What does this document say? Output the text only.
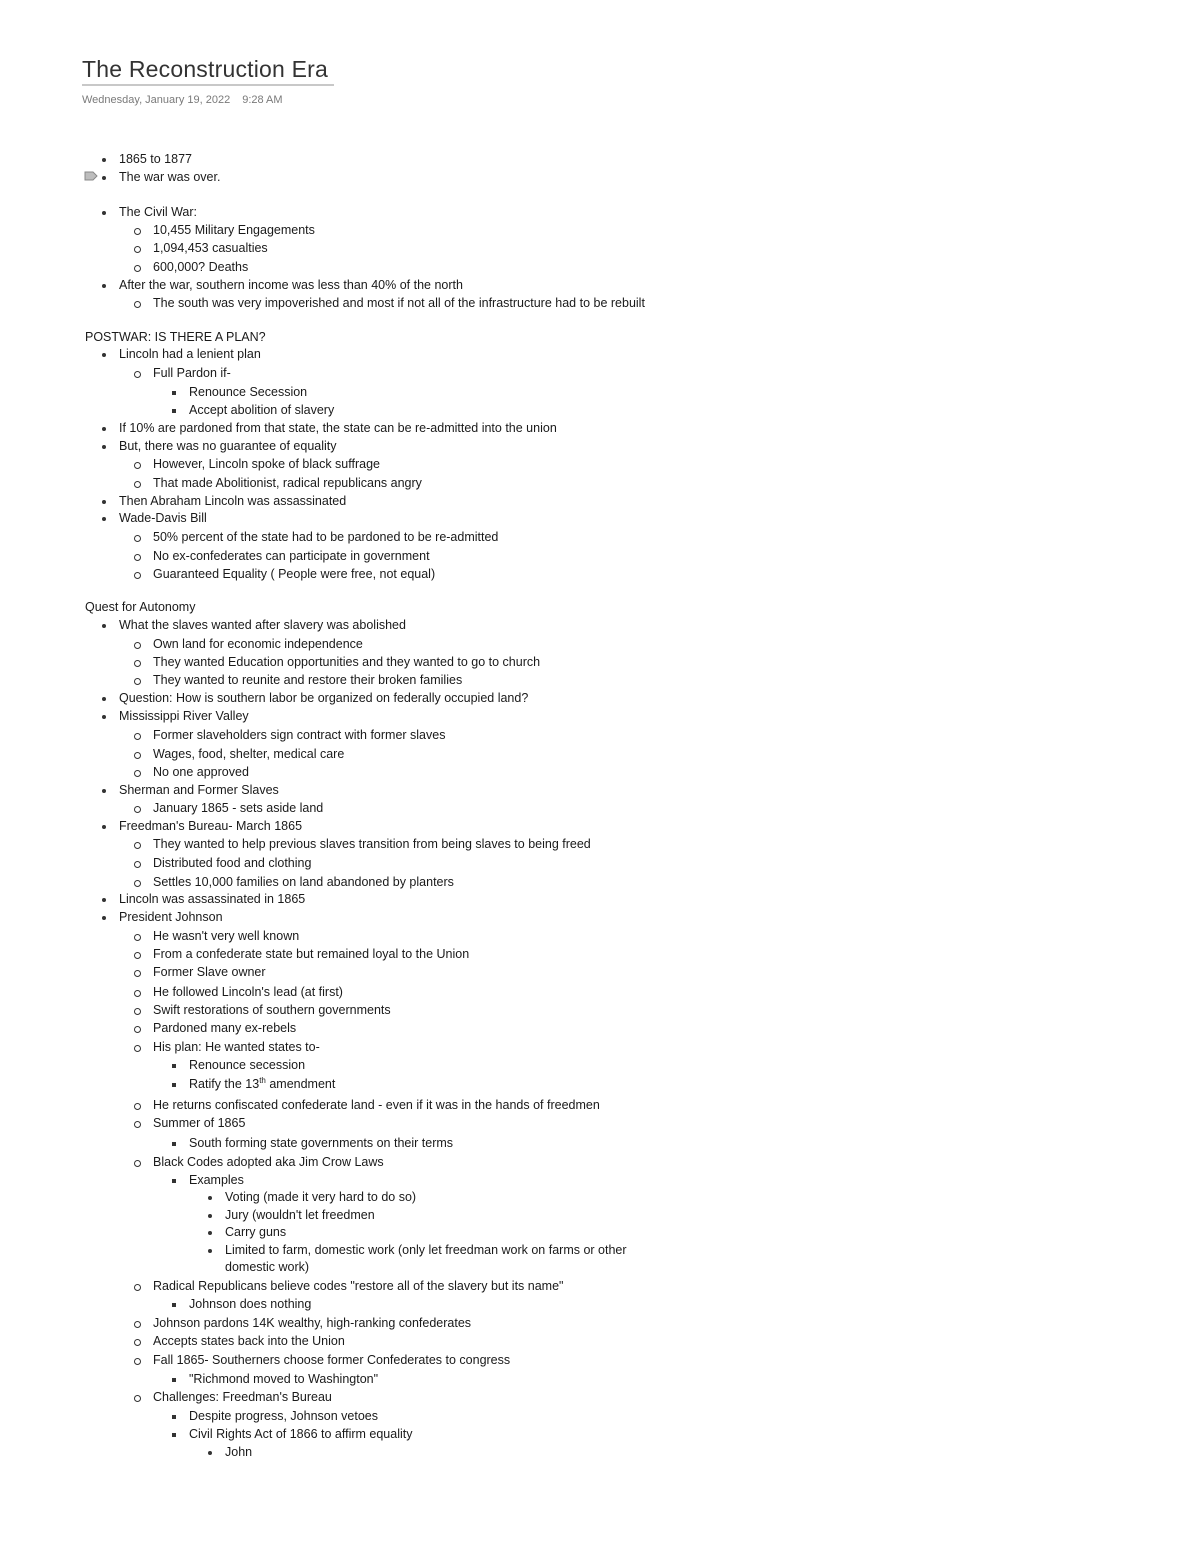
The Reconstruction Era
Wednesday, January 19, 2022 9:28 AM
1865 to 1877
The war was over.
The Civil War:
10,455 Military Engagements
1,094,453 casualties
600,000? Deaths
After the war, southern income was less than 40% of the north
The south was very impoverished and most if not all of the infrastructure had to be rebuilt
POSTWAR: IS THERE A PLAN?
Lincoln had a lenient plan
Full Pardon if-
Renounce Secession
Accept abolition of slavery
If 10% are pardoned from that state, the state can be re-admitted into the union
But, there was no guarantee of equality
However, Lincoln spoke of black suffrage
That made Abolitionist, radical republicans angry
Then Abraham Lincoln was assassinated
Wade-Davis Bill
50% percent of the state had to be pardoned to be re-admitted
No ex-confederates can participate in government
Guaranteed Equality ( People were free, not equal)
Quest for Autonomy
What the slaves wanted after slavery was abolished
Own land for economic independence
They wanted Education opportunities and they wanted to go to church
They wanted to reunite and restore their broken families
Question: How is southern labor be organized on federally occupied land?
Mississippi River Valley
Former slaveholders sign contract with former slaves
Wages, food, shelter, medical care
No one approved
Sherman and Former Slaves
January 1865 - sets aside land
Freedman's Bureau- March 1865
They wanted to help previous slaves transition from being slaves to being freed
Distributed food and clothing
Settles 10,000 families on land abandoned by planters
Lincoln was assassinated in 1865
President Johnson
He wasn't very well known
From a confederate state but remained loyal to the Union
Former Slave owner
He followed Lincoln's lead (at first)
Swift restorations of southern governments
Pardoned many ex-rebels
His plan: He wanted states to-
Renounce secession
Ratify the 13th amendment
He returns confiscated confederate land - even if it was in the hands of freedmen
Summer of 1865
South forming state governments on their terms
Black Codes adopted aka Jim Crow Laws
Examples
Voting (made it very hard to do so)
Jury (wouldn't let freedmen
Carry guns
Limited to farm, domestic work (only let freedman work on farms or other
domestic work)
Radical Republicans believe codes "restore all of the slavery but its name"
Johnson does nothing
Johnson pardons 14K wealthy, high-ranking confederates
Accepts states back into the Union
Fall 1865- Southerners choose former Confederates to congress
"Richmond moved to Washington"
Challenges: Freedman's Bureau
Despite progress, Johnson vetoes
Civil Rights Act of 1866 to affirm equality
John
